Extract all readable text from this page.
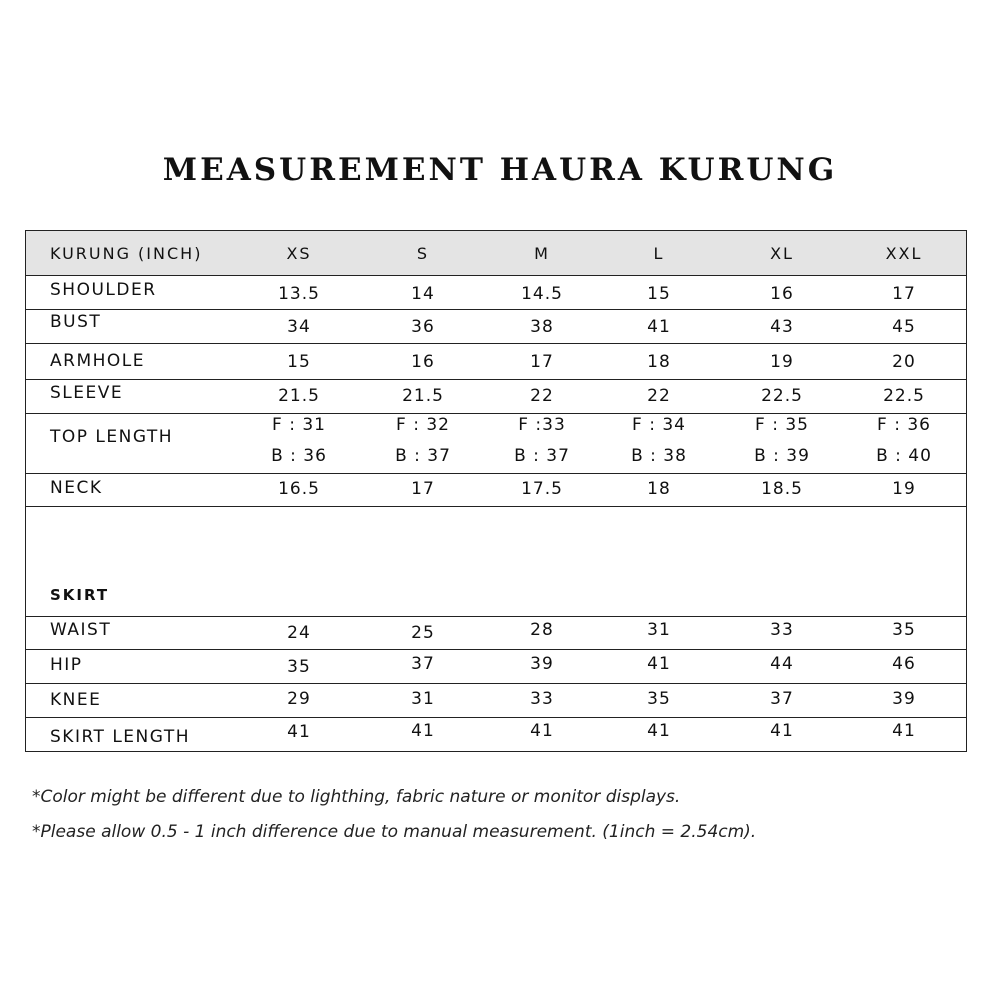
MEASUREMENT HAURA KURUNG
KURUNG (INCH)	XS	S	M	L	XL	XXL
SHOULDER	13.5	14	14.5	15	16	17
BUST	34	36	38	41	43	45
ARMHOLE	15	16	17	18	19	20
SLEEVE	21.5	21.5	22	22	22.5	22.5
TOP LENGTH
F : 31	F : 32	F :33	F : 34	F : 35	F : 36
B : 36	B : 37	B : 37	B : 38	B : 39	B : 40
NECK	16.5	17	17.5	18	18.5	19
SKIRT
WAIST	24	25	28	31	33	35
HIP	35	37	39	41	44	46
KNEE	29	31	33	35	37	39
SKIRT LENGTH	41	41	41	41	41	41
*Color might be different due to lighthing, fabric nature or monitor displays.
*Please allow 0.5 - 1 inch difference due to manual measurement. (1inch = 2.54cm).
